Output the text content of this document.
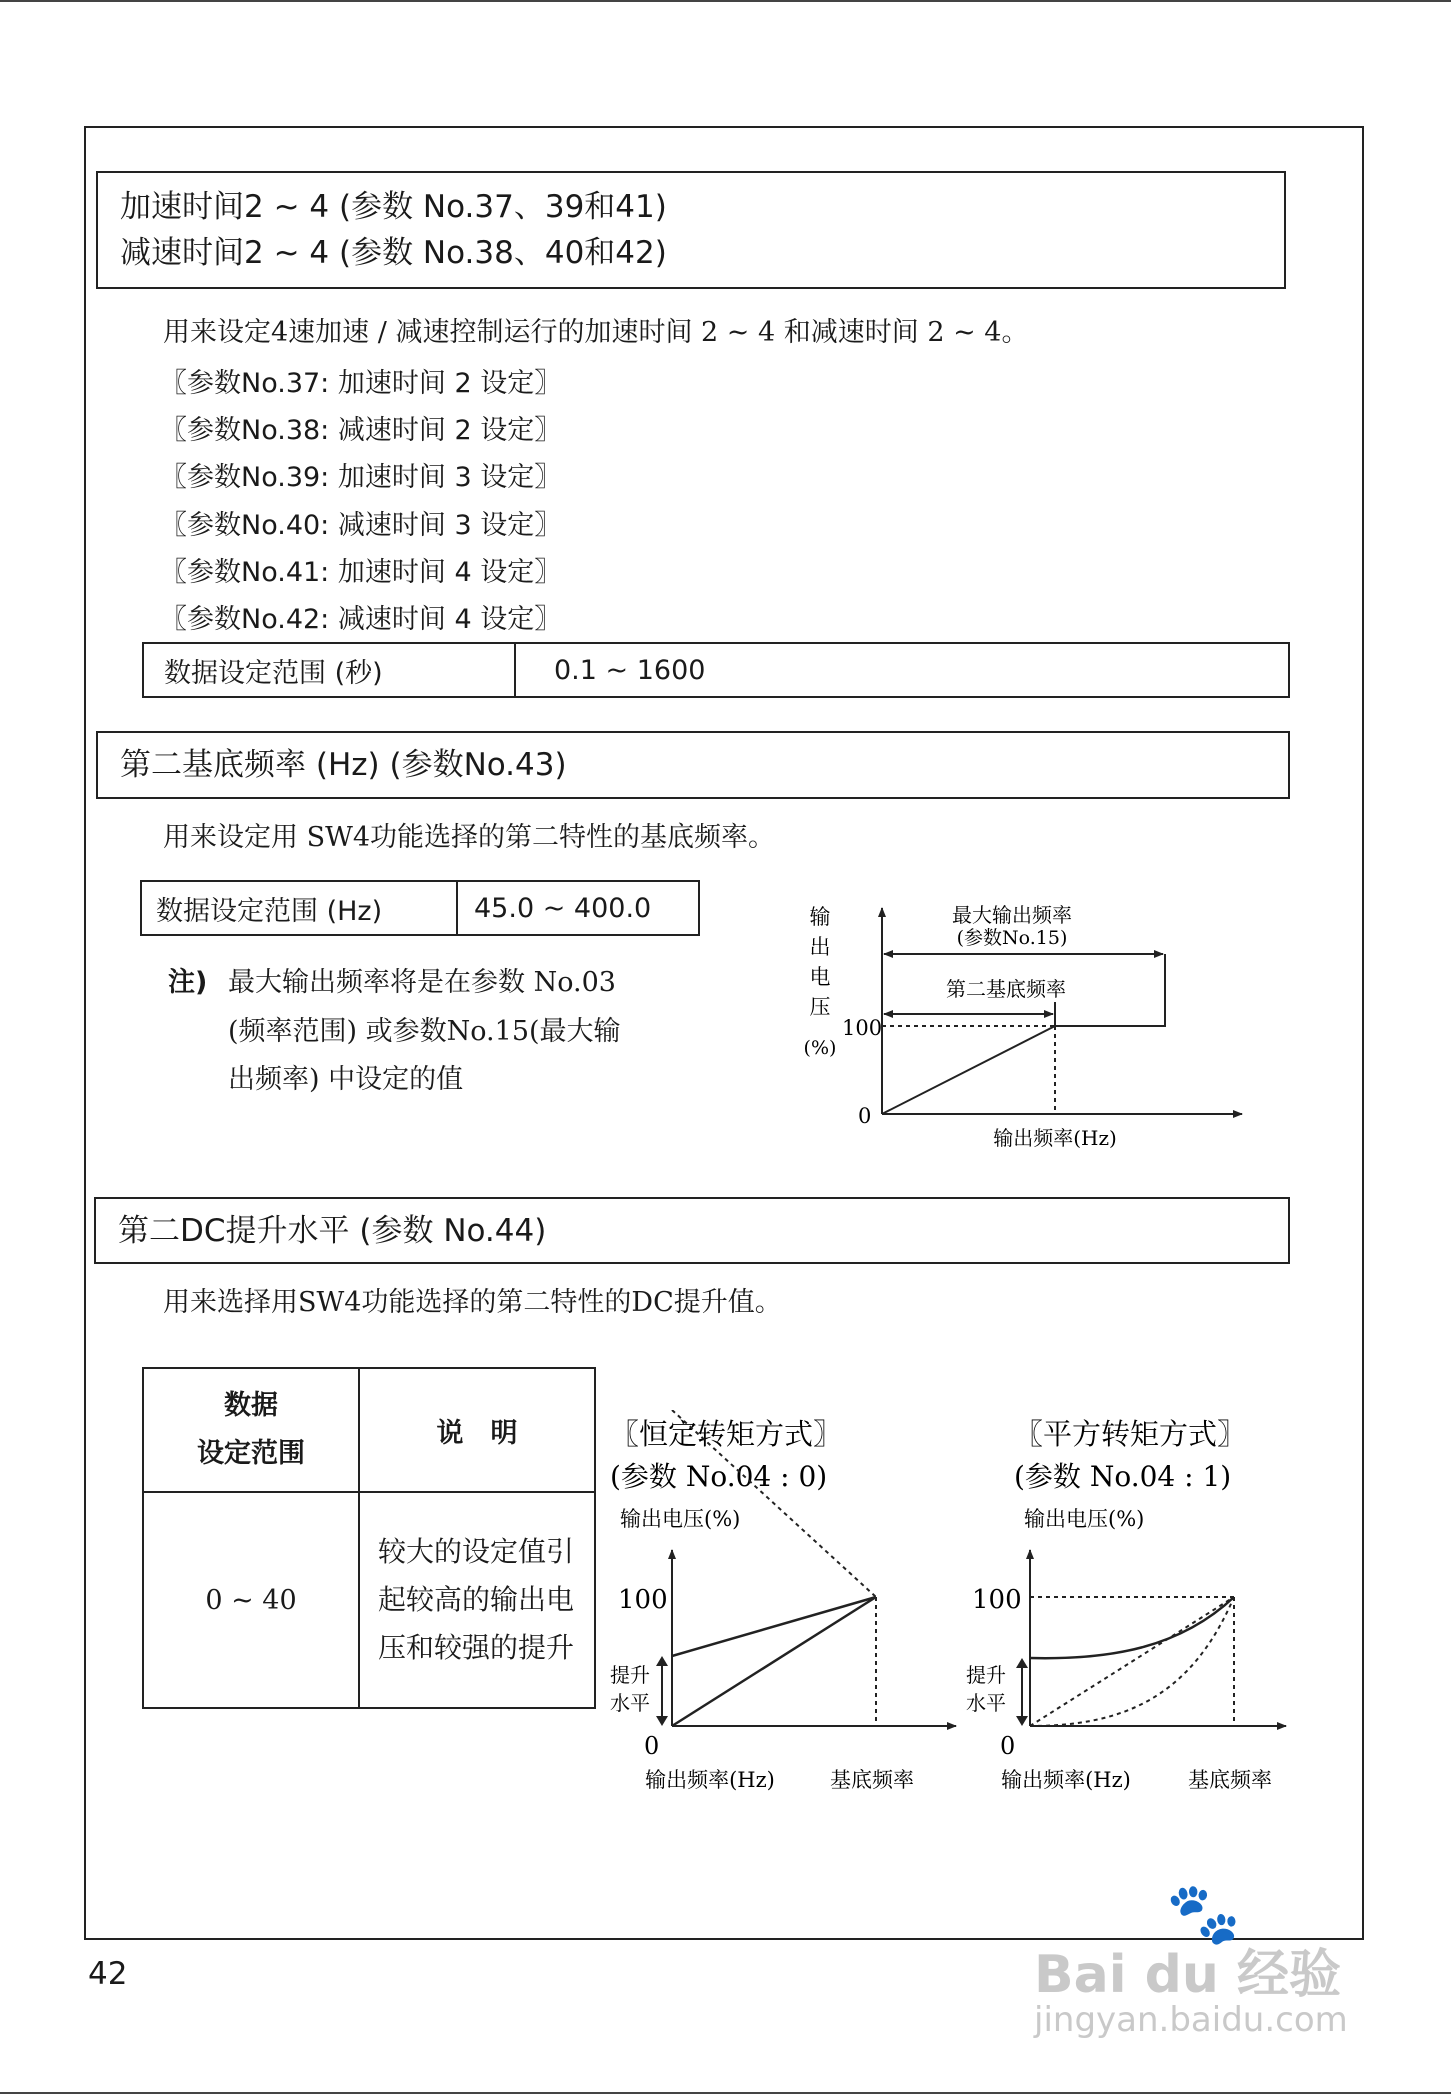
加速时间2 ~ 4 (参数 No.37、39和41)
减速时间2 ~ 4 (参数 No.38、40和42)
用来设定4速加速 / 减速控制运行的加速时间 2 ~ 4 和减速时间 2 ~ 4。
〖参数No.37: 加速时间 2 设定〗
〖参数No.38: 减速时间 2 设定〗
〖参数No.39: 加速时间 3 设定〗
〖参数No.40: 减速时间 3 设定〗
〖参数No.41: 加速时间 4 设定〗
〖参数No.42: 减速时间 4 设定〗
数据设定范围 (秒)	0.1 ~ 1600
第二基底频率 (Hz) (参数No.43)
用来设定用 SW4功能选择的第二特性的基底频率。
数据设定范围 (Hz)	45.0 ~ 400.0
注) 最大输出频率将是在参数 No.03
(频率范围) 或参数No.15(最大输
出频率) 中设定的值
输
出
电
压
(%)
100
0
最大输出频率
(参数No.15)
第二基底频率
输出频率(Hz)
第二DC提升水平 (参数 No.44)
用来选择用SW4功能选择的第二特性的DC提升值。
数据
设定范围	说　明
0 ~ 40	较大的设定值引
起较高的输出电
压和较强的提升
〖恒定转矩方式〗
(参数 No.04 : 0)
输出电压(%)
100
提升
水平
0
输出频率(Hz)	基底频率
〖平方转矩方式〗
(参数 No.04 : 1)
输出电压(%)
100
提升
水平
0
输出频率(Hz)	基底频率
42
🐾
Bai du 经验
jingyan.baidu.com
